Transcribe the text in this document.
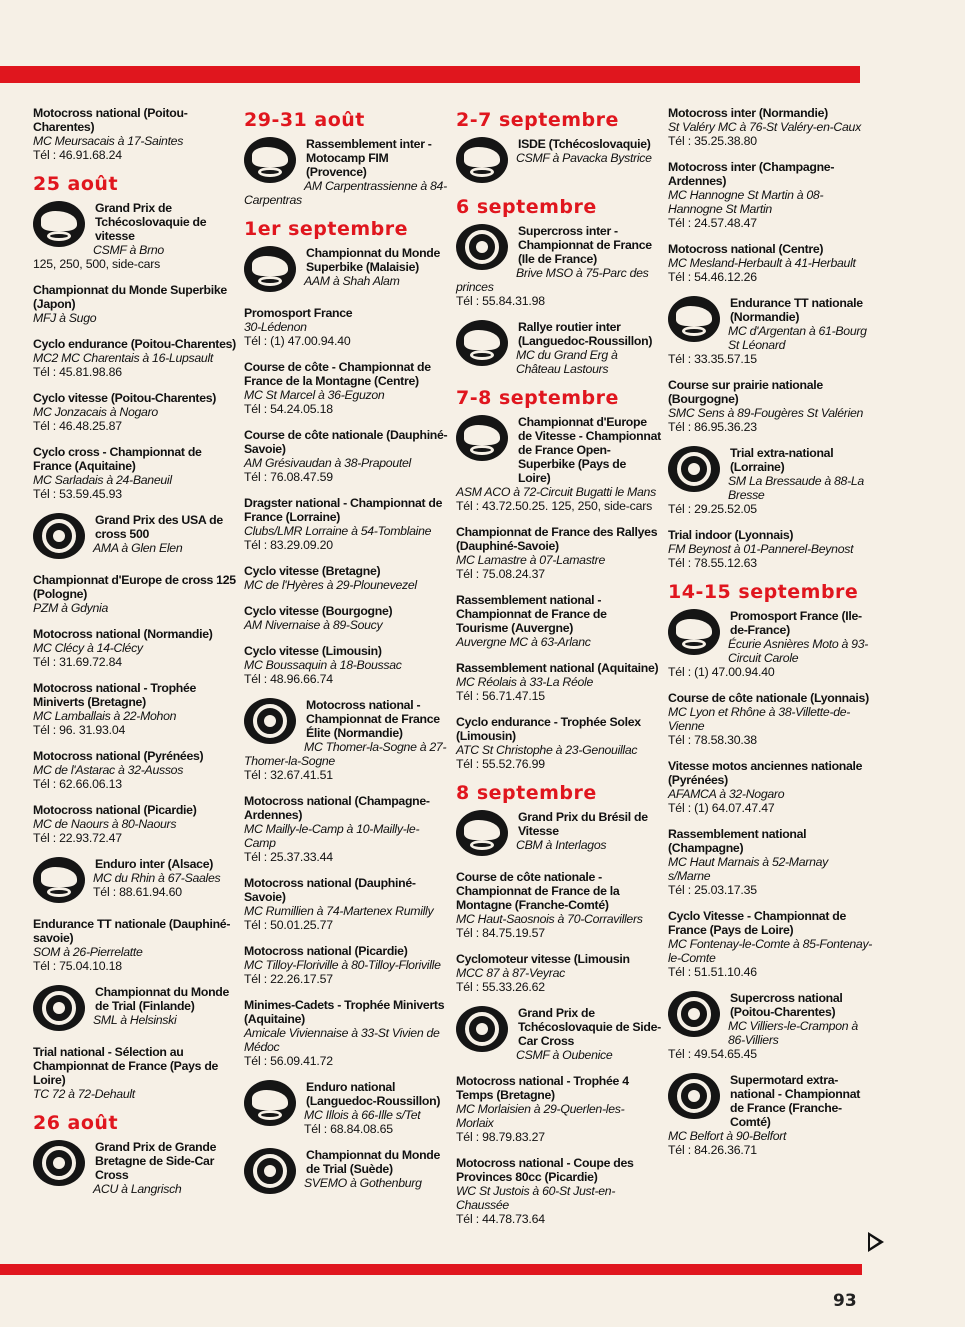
Motocross national (Poitou-Charentes)
MC Meursacais à 17-Saintes
Tél : 46.91.68.24
25 août
Grand Prix de Tchécoslovaquie de vitesse
CSMF à Brno
125, 250, 500, side-cars
Championnat du Monde Superbike (Japon)
MFJ à Sugo
Cyclo endurance (Poitou-Charentes)
MC2 MC Charentais à 16-Lupsault
Tél : 45.81.98.86
Cyclo vitesse (Poitou-Charentes)
MC Jonzacais à Nogaro
Tél : 46.48.25.87
Cyclo cross - Championnat de France (Aquitaine)
MC Sarladais à 24-Baneuil
Tél : 53.59.45.93
Grand Prix des USA de cross 500
AMA à Glen Elen
Championnat d'Europe de cross 125 (Pologne)
PZM à Gdynia
Motocross national (Normandie)
MC Clécy à 14-Clécy
Tél : 31.69.72.84
Motocross national - Trophée Miniverts (Bretagne)
MC Lamballais à 22-Mohon
Tél : 96. 31.93.04
Motocross national (Pyrénées)
MC de l'Astarac à 32-Aussos
Tél : 62.66.06.13
Motocross national (Picardie)
MC de Naours à 80-Naours
Tél : 22.93.72.47
Enduro inter (Alsace)
MC du Rhin à 67-Saales
Tél : 88.61.94.60
Endurance TT nationale (Dauphiné-savoie)
SOM à 26-Pierrelatte
Tél : 75.04.10.18
Championnat du Monde de Trial (Finlande)
SML à Helsinski
Trial national - Sélection au Championnat de France (Pays de Loire)
TC 72 à 72-Dehault
26 août
Grand Prix de Grande Bretagne de Side-Car Cross
ACU à Langrisch
29-31 août
Rassemblement inter - Motocamp FIM (Provence)
AM Carpentrassienne à 84-Carpentras
1er septembre
Championnat du Monde Superbike (Malaisie)
AAM à Shah Alam
Promosport France
30-Lédenon
Tél : (1) 47.00.94.40
Course de côte - Championnat de France de la Montagne (Centre)
MC St Marcel à 36-Eguzon
Tél : 54.24.05.18
Course de côte nationale (Dauphiné-Savoie)
AM Grésivaudan à 38-Prapoutel
Tél : 76.08.47.59
Dragster national - Championnat de France (Lorraine)
Clubs/LMR Lorraine à 54-Tomblaine
Tél : 83.29.09.20
Cyclo vitesse (Bretagne)
MC de l'Hyères à 29-Plounevezel
Cyclo vitesse (Bourgogne)
AM Nivernaise à 89-Soucy
Cyclo vitesse (Limousin)
MC Boussaquin à 18-Boussac
Tél : 48.96.66.74
Motocross national - Championnat de France Élite (Normandie)
MC Thomer-la-Sogne à 27-Thomer-la-Sogne
Tél : 32.67.41.51
Motocross national (Champagne-Ardennes)
MC Mailly-le-Camp à 10-Mailly-le-Camp
Tél : 25.37.33.44
Motocross national (Dauphiné-Savoie)
MC Rumillien à 74-Martenex Rumilly
Tél : 50.01.25.77
Motocross national (Picardie)
MC Tilloy-Floriville à 80-Tilloy-Floriville
Tél : 22.26.17.57
Minimes-Cadets - Trophée Miniverts (Aquitaine)
Amicale Viviennaise à 33-St Vivien de Médoc
Tél : 56.09.41.72
Enduro national (Languedoc-Roussillon)
MC Illois à 66-Ille s/Tet
Tél : 68.84.08.65
Championnat du Monde de Trial (Suède)
SVEMO à Gothenburg
2-7 septembre
ISDE (Tchécoslovaquie)
CSMF à Pavacka Bystrice
6 septembre
Supercross inter - Championnat de France (Ile de France)
Brive MSO à 75-Parc des princes
Tél : 55.84.31.98
Rallye routier inter (Languedoc-Roussillon)
MC du Grand Erg à Château Lastours
7-8 septembre
Championnat d'Europe de Vitesse - Championnat de France Open-Superbike (Pays de Loire)
ASM ACO à 72-Circuit Bugatti le Mans
Tél : 43.72.50.25. 125, 250, side-cars
Championnat de France des Rallyes (Dauphiné-Savoie)
MC Lamastre à 07-Lamastre
Tél : 75.08.24.37
Rassemblement national - Championnat de France de Tourisme (Auvergne)
Auvergne MC à 63-Arlanc
Rassemblement national (Aquitaine)
MC Réolais à 33-La Réole
Tél : 56.71.47.15
Cyclo endurance - Trophée Solex (Limousin)
ATC St Christophe à 23-Genouillac
Tél : 55.52.76.99
8 septembre
Grand Prix du Brésil de Vitesse
CBM à Interlagos
Course de côte nationale - Championnat de France de la Montagne (Franche-Comté)
MC Haut-Saosnois à 70-Corravillers
Tél : 84.75.19.57
Cyclomoteur vitesse (Limousin
MCC 87 à 87-Veyrac
Tél : 55.33.26.62
Grand Prix de Tchécoslovaquie de Side-Car Cross
CSMF à Oubenice
Motocross national - Trophée 4 Temps (Bretagne)
MC Morlaisien à 29-Querlen-les-Morlaix
Tél : 98.79.83.27
Motocross national - Coupe des Provinces 80cc (Picardie)
WC St Justois à 60-St Just-en-Chaussée
Tél : 44.78.73.64
Motocross inter (Normandie)
St Valéry MC à 76-St Valéry-en-Caux
Tél : 35.25.38.80
Motocross inter (Champagne-Ardennes)
MC Hannogne St Martin à 08-Hannogne St Martin
Tél : 24.57.48.47
Motocross national (Centre)
MC Mesland-Herbault à 41-Herbault
Tél : 54.46.12.26
Endurance TT nationale (Normandie)
MC d'Argentan à 61-Bourg St Léonard
Tél : 33.35.57.15
Course sur prairie nationale (Bourgogne)
SMC Sens à 89-Fougères St Valérien
Tél : 86.95.36.23
Trial extra-national (Lorraine)
SM La Bressaude à 88-La Bresse
Tél : 29.25.52.05
Trial indoor (Lyonnais)
FM Beynost à 01-Pannerel-Beynost
Tél : 78.55.12.63
14-15 septembre
Promosport France (Ile-de-France)
Écurie Asnières Moto à 93-Circuit Carole
Tél : (1) 47.00.94.40
Course de côte nationale (Lyonnais)
MC Lyon et Rhône à 38-Villette-de-Vienne
Tél : 78.58.30.38
Vitesse motos anciennes nationale (Pyrénées)
AFAMCA à 32-Nogaro
Tél : (1) 64.07.47.47
Rassemblement national (Champagne)
MC Haut Marnais à 52-Marnay s/Marne
Tél : 25.03.17.35
Cyclo Vitesse - Championnat de France (Pays de Loire)
MC Fontenay-le-Comte à 85-Fontenay-le-Comte
Tél : 51.51.10.46
Supercross national (Poitou-Charentes)
MC Villiers-le-Crampon à 86-Villiers
Tél : 49.54.65.45
Supermotard extra-national - Championnat de France (Franche-Comté)
MC Belfort à 90-Belfort
Tél : 84.26.36.71
93
